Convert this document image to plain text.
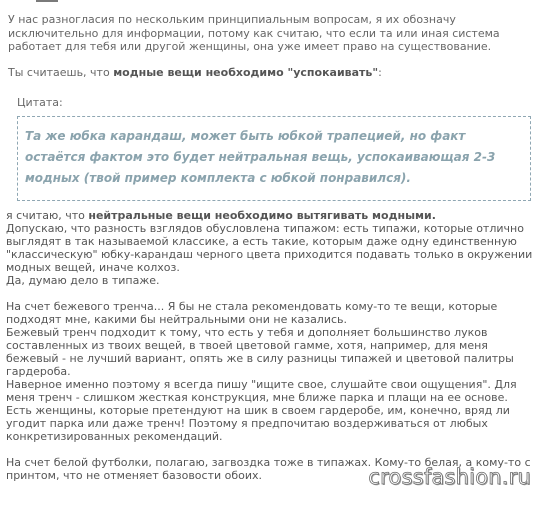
У нас разногласия по нескольким принципиальным вопросам, я их обозначу исключительно для информации, потому как считаю, что если та или иная система работает для тебя или другой женщины, она уже имеет право на существование.
Ты считаешь, что модные вещи необходимо "успокаивать":
Цитата:
Та же юбка карандаш, может быть юбкой трапецией, но факт остаётся фактом это будет нейтральная вещь, успокаивающая 2-3 модных (твой пример комплекта с юбкой понравился).

я считаю, что нейтральные вещи необходимо вытягивать модными.

Допускаю, что разность взглядов обусловлена типажом: есть типажи, которые отлично выглядят в так называемой классике, а есть такие, которым даже одну единственную "классическую" юбку-карандаш черного цвета приходится подавать только в окружении модных вещей, иначе колхоз.

Да, думаю дело в типаже.

На счет бежевого тренча... Я бы не стала рекомендовать кому-то те вещи, которые подходят мне, какими бы нейтральными они не казались.

Бежевый тренч подходит к тому, что есть у тебя и дополняет большинство луков составленных из твоих вещей, в твоей цветовой гамме, хотя, например, для меня бежевый - не лучший вариант, опять же в силу разницы типажей и цветовой палитры гардероба.

Наверное именно поэтому я всегда пишу "ищите свое, слушайте свои ощущения". Для меня тренч - слишком жесткая конструкция, мне ближе парка и плащи на ее основе.

Есть женщины, которые претендуют на шик в своем гардеробе, им, конечно, вряд ли угодит парка или даже тренч! Поэтому я предпочитаю воздерживаться от любых конкретизированных рекомендаций.

На счет белой футболки, полагаю, загвоздка тоже в типажах. Кому-то белая, а кому-то с принтом, что не отменяет базовости обоих.	crossfashion.ru
